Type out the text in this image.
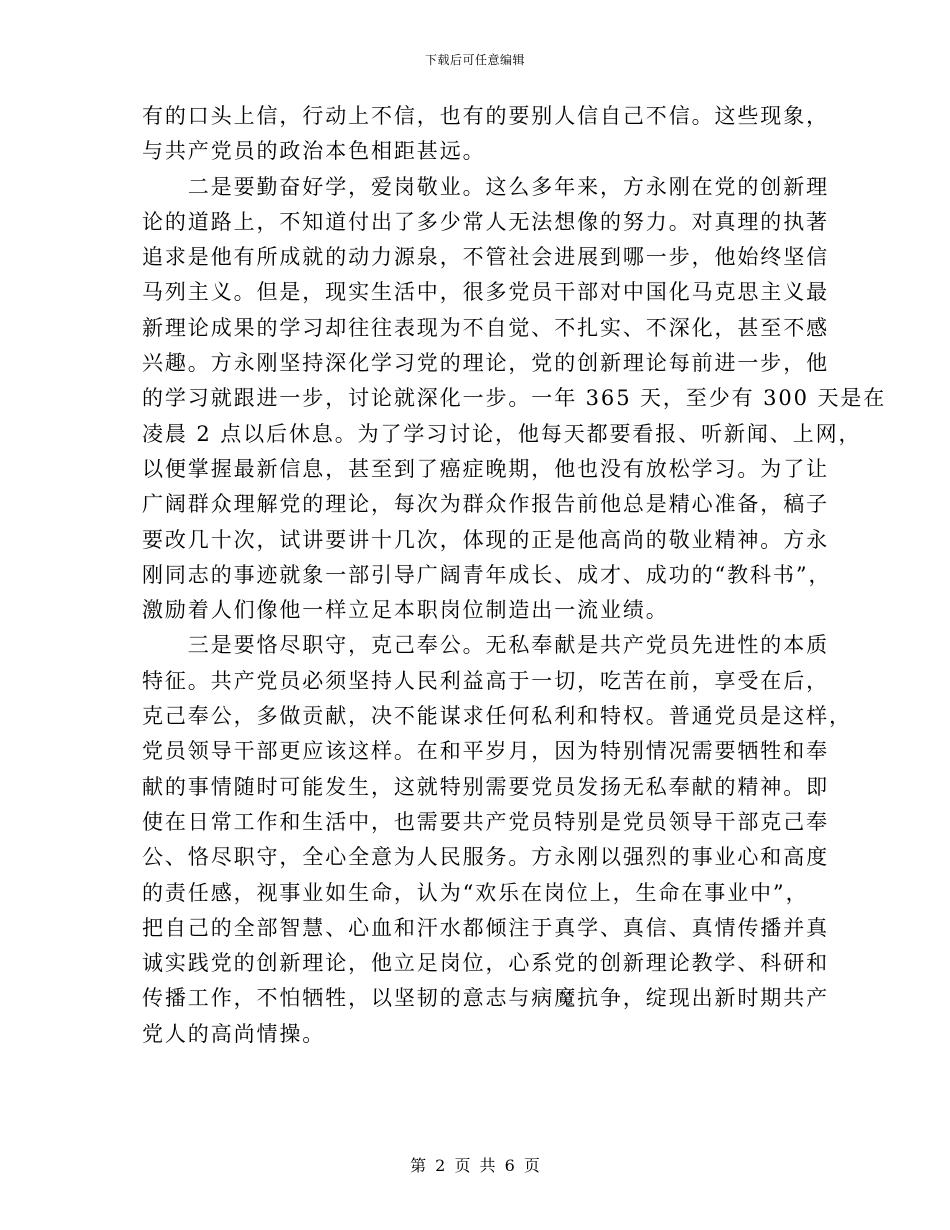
下载后可任意编辑
有的口头上信，行动上不信，也有的要别人信自己不信。这些现象，
与共产党员的政治本色相距甚远。
　　二是要勤奋好学，爱岗敬业。这么多年来，方永刚在党的创新理
论的道路上，不知道付出了多少常人无法想像的努力。对真理的执著
追求是他有所成就的动力源泉，不管社会进展到哪一步，他始终坚信
马列主义。但是，现实生活中，很多党员干部对中国化马克思主义最
新理论成果的学习却往往表现为不自觉、不扎实、不深化，甚至不感
兴趣。方永刚坚持深化学习党的理论，党的创新理论每前进一步，他
的学习就跟进一步，讨论就深化一步。一年 365 天，至少有 300 天是在
凌晨 2 点以后休息。为了学习讨论，他每天都要看报、听新闻、上网，
以便掌握最新信息，甚至到了癌症晚期，他也没有放松学习。为了让
广阔群众理解党的理论，每次为群众作报告前他总是精心准备，稿子
要改几十次，试讲要讲十几次，体现的正是他高尚的敬业精神。方永
刚同志的事迹就象一部引导广阔青年成长、成才、成功的“教科书”，
激励着人们像他一样立足本职岗位制造出一流业绩。
　　三是要恪尽职守，克己奉公。无私奉献是共产党员先进性的本质
特征。共产党员必须坚持人民利益高于一切，吃苦在前，享受在后，
克己奉公，多做贡献，决不能谋求任何私利和特权。普通党员是这样，
党员领导干部更应该这样。在和平岁月，因为特别情况需要牺牲和奉
献的事情随时可能发生，这就特别需要党员发扬无私奉献的精神。即
使在日常工作和生活中，也需要共产党员特别是党员领导干部克己奉
公、恪尽职守，全心全意为人民服务。方永刚以强烈的事业心和高度
的责任感，视事业如生命，认为“欢乐在岗位上，生命在事业中”，
把自己的全部智慧、心血和汗水都倾注于真学、真信、真情传播并真
诚实践党的创新理论，他立足岗位，心系党的创新理论教学、科研和
传播工作，不怕牺牲，以坚韧的意志与病魔抗争，绽现出新时期共产
党人的高尚情操。
第 2 页 共 6 页
